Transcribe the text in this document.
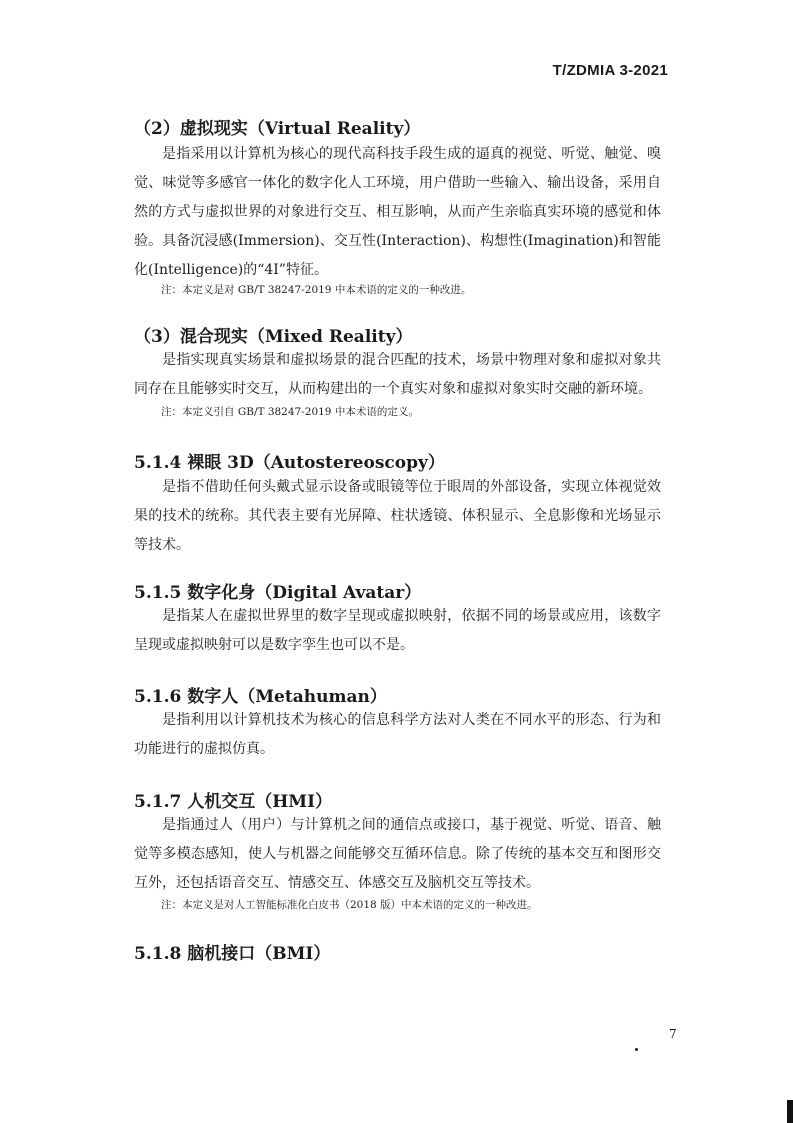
T/ZDMIA 3-2021
（2）虚拟现实（Virtual Reality）
是指采用以计算机为核心的现代高科技手段生成的逼真的视觉、听觉、触觉、嗅觉、味觉等多感官一体化的数字化人工环境，用户借助一些输入、输出设备，采用自然的方式与虚拟世界的对象进行交互、相互影响，从而产生亲临真实环境的感觉和体验。具备沉浸感(Immersion)、交互性(Interaction)、构想性(Imagination)和智能化(Intelligence)的“4I”特征。
注：本定义是对 GB/T 38247-2019 中本术语的定义的一种改进。
（3）混合现实（Mixed Reality）
是指实现真实场景和虚拟场景的混合匹配的技术，场景中物理对象和虚拟对象共同存在且能够实时交互，从而构建出的一个真实对象和虚拟对象实时交融的新环境。
注：本定义引自 GB/T 38247-2019 中本术语的定义。
5.1.4 裸眼 3D（Autostereoscopy）
是指不借助任何头戴式显示设备或眼镜等位于眼周的外部设备，实现立体视觉效果的技术的统称。其代表主要有光屏障、柱状透镜、体积显示、全息影像和光场显示等技术。
5.1.5 数字化身（Digital Avatar）
是指某人在虚拟世界里的数字呈现或虚拟映射，依据不同的场景或应用，该数字呈现或虚拟映射可以是数字孪生也可以不是。
5.1.6 数字人（Metahuman）
是指利用以计算机技术为核心的信息科学方法对人类在不同水平的形态、行为和功能进行的虚拟仿真。
5.1.7 人机交互（HMI）
是指通过人（用户）与计算机之间的通信点或接口，基于视觉、听觉、语音、触觉等多模态感知，使人与机器之间能够交互循环信息。除了传统的基本交互和图形交互外，还包括语音交互、情感交互、体感交互及脑机交互等技术。
注：本定义是对人工智能标准化白皮书（2018 版）中本术语的定义的一种改进。
5.1.8 脑机接口（BMI）
7
